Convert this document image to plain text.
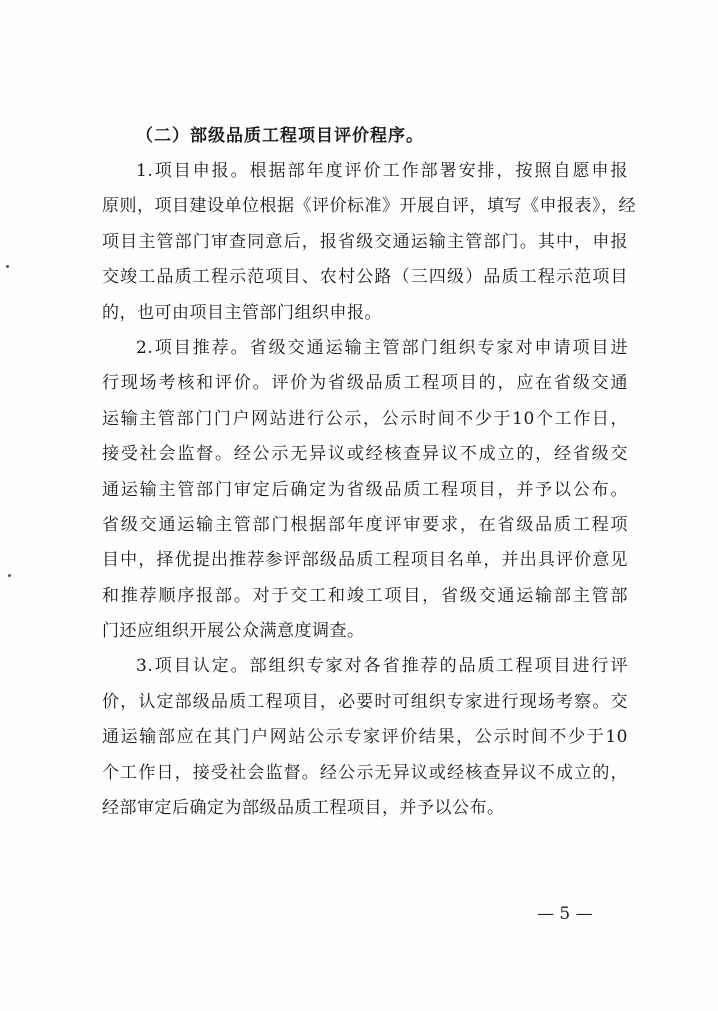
（二）部级品质工程项目评价程序。

1.项目申报。根据部年度评价工作部署安排，按照自愿申报
原则，项目建设单位根据《评价标准》开展自评，填写《申报表》，经
项目主管部门审查同意后，报省级交通运输主管部门。其中，申报
交竣工品质工程示范项目、农村公路（三四级）品质工程示范项目
的，也可由项目主管部门组织申报。
2.项目推荐。省级交通运输主管部门组织专家对申请项目进
行现场考核和评价。评价为省级品质工程项目的，应在省级交通
运输主管部门门户网站进行公示，公示时间不少于10个工作日，
接受社会监督。经公示无异议或经核查异议不成立的，经省级交
通运输主管部门审定后确定为省级品质工程项目，并予以公布。
省级交通运输主管部门根据部年度评审要求，在省级品质工程项
目中，择优提出推荐参评部级品质工程项目名单，并出具评价意见
和推荐顺序报部。对于交工和竣工项目，省级交通运输部主管部
门还应组织开展公众满意度调查。
3.项目认定。部组织专家对各省推荐的品质工程项目进行评
价，认定部级品质工程项目，必要时可组织专家进行现场考察。交
通运输部应在其门户网站公示专家评价结果，公示时间不少于10
个工作日，接受社会监督。经公示无异议或经核查异议不成立的，
经部审定后确定为部级品质工程项目，并予以公布。
— 5 —
